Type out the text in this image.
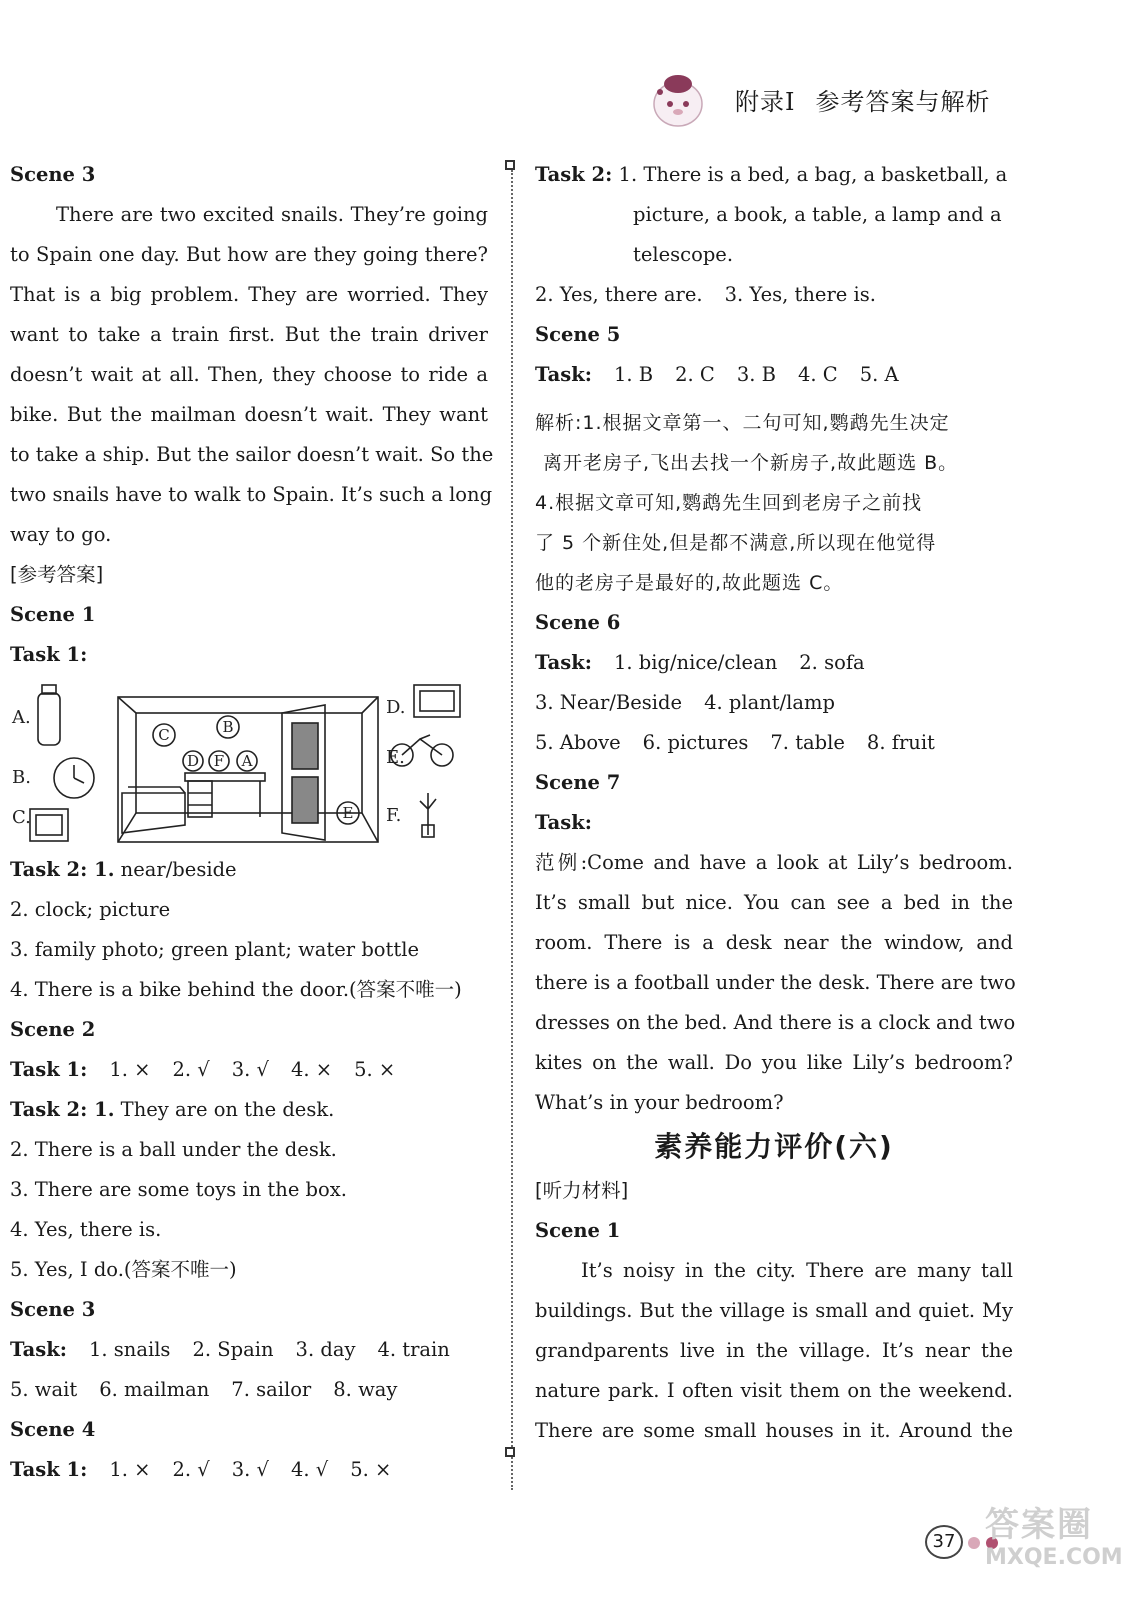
附录Ⅰ 参考答案与解析
Scene 3
There are two excited snails. They’re going
to Spain one day. But how are they going there?
That is a big problem. They are worried. They
want to take a train first. But the train driver
doesn’t wait at all. Then, they choose to ride a
bike. But the mailman doesn’t wait. They want
to take a ship. But the sailor doesn’t wait. So the
two snails have to walk to Spain. It’s such a long
way to go.
[参考答案]
Scene 1
Task 1:
C	B
D F A
E
A.
B.
C.
D.
E.
F.
Task 2: 1. near/beside
2. clock; picture
3. family photo; green plant; water bottle
4. There is a bike behind the door.(答案不唯一)
Scene 2
Task 1: 1. × 2. √ 3. √ 4. × 5. ×
Task 2: 1. They are on the desk.
2. There is a ball under the desk.
3. There are some toys in the box.
4. Yes, there is.
5. Yes, I do.(答案不唯一)
Scene 3
Task: 1. snails 2. Spain 3. day 4. train
5. wait 6. mailman 7. sailor 8. way
Scene 4
Task 1: 1. × 2. √ 3. √ 4. √ 5. ×
Task 2: 1. There is a bed, a bag, a basketball, a
picture, a book, a table, a lamp and a
telescope.
2. Yes, there are. 3. Yes, there is.
Scene 5
Task: 1. B 2. C 3. B 4. C 5. A
解析:1.根据文章第一、二句可知,鹦鹉先生决定
离开老房子,飞出去找一个新房子,故此题选 B。
4.根据文章可知,鹦鹉先生回到老房子之前找
了 5 个新住处,但是都不满意,所以现在他觉得
他的老房子是最好的,故此题选 C。
Scene 6
Task: 1. big/nice/clean 2. sofa
3. Near/Beside 4. plant/lamp
5. Above 6. pictures 7. table 8. fruit
Scene 7
Task:
范例:Come and have a look at Lily’s bedroom.
It’s small but nice. You can see a bed in the
room. There is a desk near the window, and
there is a football under the desk. There are two
dresses on the bed. And there is a clock and two
kites on the wall. Do you like Lily’s bedroom?
What’s in your bedroom?
素养能力评价(六)
[听力材料]
Scene 1
It’s noisy in the city. There are many tall
buildings. But the village is small and quiet. My
grandparents live in the village. It’s near the
nature park. I often visit them on the weekend.
There are some small houses in it. Around the
37 答案圈
MXQE.COM
